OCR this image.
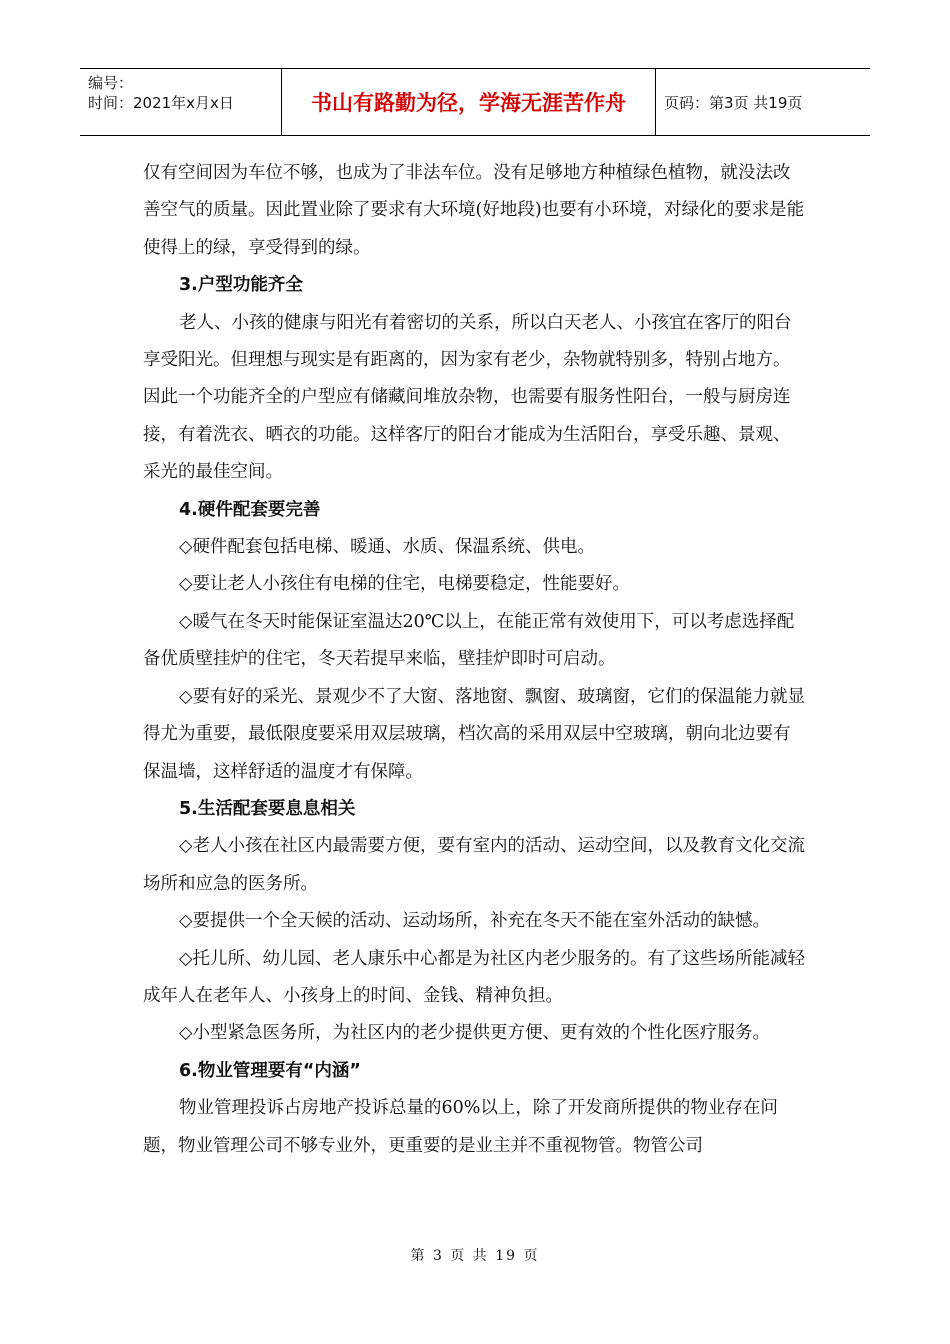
编号：
时间：2021年x月x日	书山有路勤为径，学海无涯苦作舟	页码：第3页 共19页

仅有空间因为车位不够，也成为了非法车位。没有足够地方种植绿色植物，就没法改善空气的质量。因此置业除了要求有大环境(好地段)也要有小环境，对绿化的要求是能使得上的绿，享受得到的绿。

3.户型功能齐全

老人、小孩的健康与阳光有着密切的关系，所以白天老人、小孩宜在客厅的阳台享受阳光。但理想与现实是有距离的，因为家有老少，杂物就特别多，特别占地方。因此一个功能齐全的户型应有储藏间堆放杂物，也需要有服务性阳台，一般与厨房连接，有着洗衣、晒衣的功能。这样客厅的阳台才能成为生活阳台，享受乐趣、景观、采光的最佳空间。

4.硬件配套要完善

◇硬件配套包括电梯、暖通、水质、保温系统、供电。

◇要让老人小孩住有电梯的住宅，电梯要稳定，性能要好。

◇暖气在冬天时能保证室温达20℃以上，在能正常有效使用下，可以考虑选择配备优质壁挂炉的住宅，冬天若提早来临，壁挂炉即时可启动。

◇要有好的采光、景观少不了大窗、落地窗、飘窗、玻璃窗，它们的保温能力就显得尤为重要，最低限度要采用双层玻璃，档次高的采用双层中空玻璃，朝向北边要有保温墙，这样舒适的温度才有保障。

5.生活配套要息息相关

◇老人小孩在社区内最需要方便，要有室内的活动、运动空间，以及教育文化交流场所和应急的医务所。

◇要提供一个全天候的活动、运动场所，补充在冬天不能在室外活动的缺憾。

◇托儿所、幼儿园、老人康乐中心都是为社区内老少服务的。有了这些场所能减轻成年人在老年人、小孩身上的时间、金钱、精神负担。

◇小型紧急医务所，为社区内的老少提供更方便、更有效的个性化医疗服务。

6.物业管理要有“内涵”

物业管理投诉占房地产投诉总量的60%以上，除了开发商所提供的物业存在问题，物业管理公司不够专业外，更重要的是业主并不重视物管。物管公司

第 3 页 共 19 页
